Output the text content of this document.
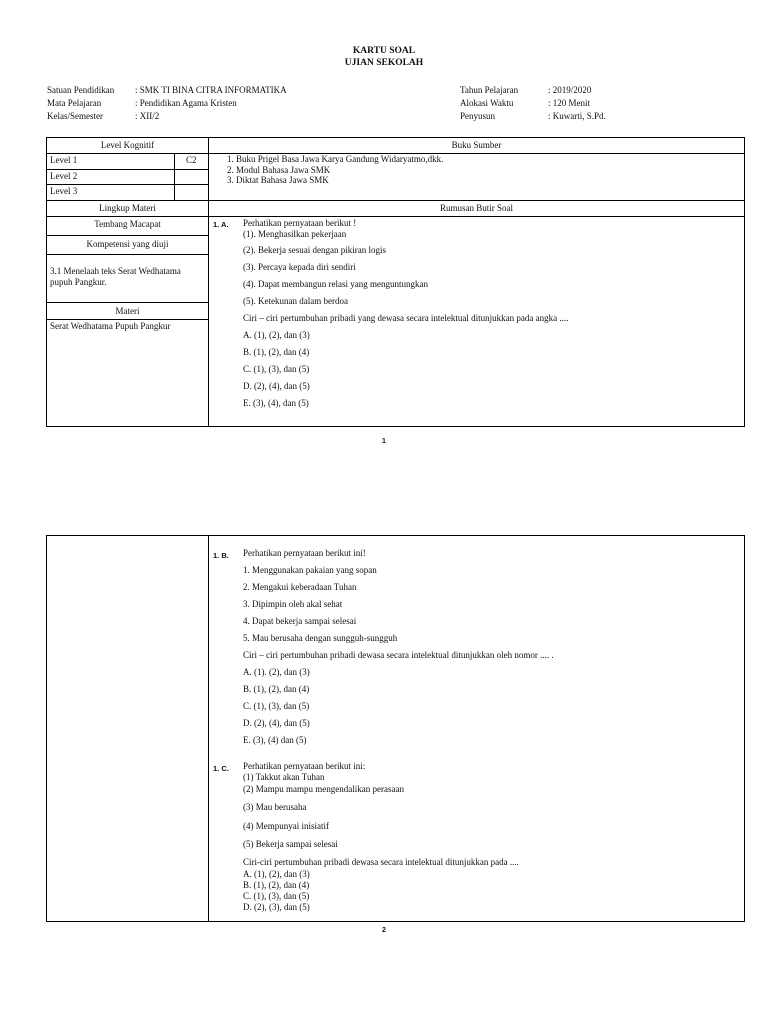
KARTU SOAL
UJIAN SEKOLAH
Satuan Pendidikan : SMK TI BINA CITRA INFORMATIKA
Mata Pelajaran	: Pendidikan Agama Kristen
Kelas/Semester	: XII/2
Tahun Pelajaran	: 2019/2020
Alokasi Waktu	: 120 Menit
Penyusun	: Kuwarti, S.Pd.
Level Kognitif	Buku Sumber
Level 1	C2
Level 2
Level 3
1. Buku Prigel Basa Jawa Karya Gandung Widaryatmo,dkk.
2. Modul Bahasa Jawa SMK
3. Diktat Bahasa Jawa SMK
Lingkup Materi	Rumusan Butir Soal
Tembang Macapat
Kompetensi yang diuji
3.1 Menelaah teks Serat Wedhatama
pupuh Pangkur.
Materi
Serat Wedhatama Pupuh Pangkur
1. A. Perhatikan pernyataan berikut !
(1). Menghasilkan pekerjaan
(2). Bekerja sesuai dengan pikiran logis
(3). Percaya kepada diri sendiri
(4). Dapat membangun relasi yang menguntungkan
(5). Ketekunan dalam berdoa
Ciri – ciri pertumbuhan pribadi yang dewasa secara intelektual ditunjukkan pada angka ....
A. (1), (2), dan (3)
B. (1), (2), dan (4)
C. (1), (3), dan (5)
D. (2), (4), dan (5)
E. (3), (4), dan (5)
1
1. B. Perhatikan pernyataan berikut ini!
1. Menggunakan pakaian yang sopan
2. Mengakui keberadaan Tuhan
3. Dipimpin oleh akal sehat
4. Dapat bekerja sampai selesai
5. Mau berusaha dengan sungguh-sungguh
Ciri – ciri pertumbuhan pribadi dewasa secara intelektual ditunjukkan oleh nomor .... .
A. (1). (2), dan (3)
B. (1), (2), dan (4)
C. (1), (3), dan (5)
D. (2), (4), dan (5)
E. (3), (4) dan (5)
1. C. Perhatikan pernyataan berikut ini:
(1) Takkut akan Tuhan
(2) Mampu mampu mengendalikan perasaan
(3) Mau berusaha
(4) Mempunyai inisiatif
(5) Bekerja sampai selesai
Ciri-ciri pertumbuhan pribadi dewasa secara intelektual ditunjukkan pada ....
A. (1), (2), dan (3)
B. (1), (2), dan (4)
C. (1), (3), dan (5)
D. (2), (3), dan (5)
2
